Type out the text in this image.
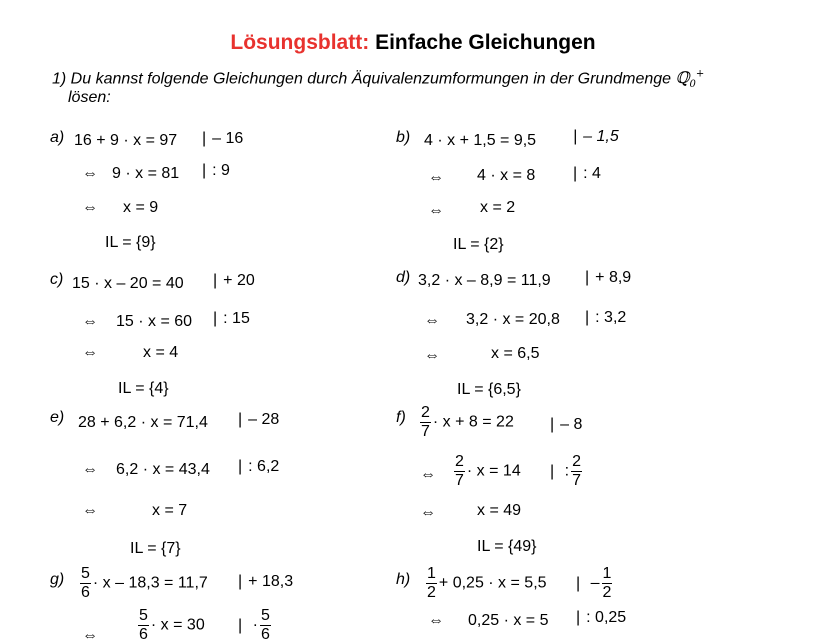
Lösungsblatt: Einfache Gleichungen
1) Du kannst folgende Gleichungen durch Äquivalenzumformungen in der Grundmenge ℚ$_0$+
lösen:
a) 16 + 9 · x = 97	| – 16
⇔ 9 · x = 81	| : 9
⇔ x = 9
IL = {9}
b) 4 · x + 1,5 = 9,5	| – 1,5
⇔ 4 · x = 8	| : 4
⇔ x = 2
IL = {2}
c) 15 · x – 20 = 40	| + 20
⇔ 15 · x = 60	| : 15
⇔	x = 4
IL = {4}
d) 3,2 · x – 8,9 = 11,9	| + 8,9
⇔ 3,2 · x = 20,8	| : 3,2
⇔	x = 6,5
IL = {6,5}
e) 28 + 6,2 · x = 71,4	| – 28
⇔ 6,2 · x = 43,4	| : 6,2
⇔	x = 7
IL = {7}
$f) \frac{2}{7} \cdot x + 8 = 22$	| – 8
⇔ $\frac{2}{7} \cdot x = 14$	| : $\frac{2}{7}$
⇔	x = 49
IL = {49}
$g) \frac{5}{6} \cdot x - 18,3 = 11,7$	| + 18,3
⇔	$\frac{5}{6} \cdot x = 30$	| · $\frac{5}{6}$
$h) \frac{1}{2} + 0,25 \cdot x = 5,5$	| – $\frac{1}{2}$
⇔ 0,25 · x = 5	| : 0,25
